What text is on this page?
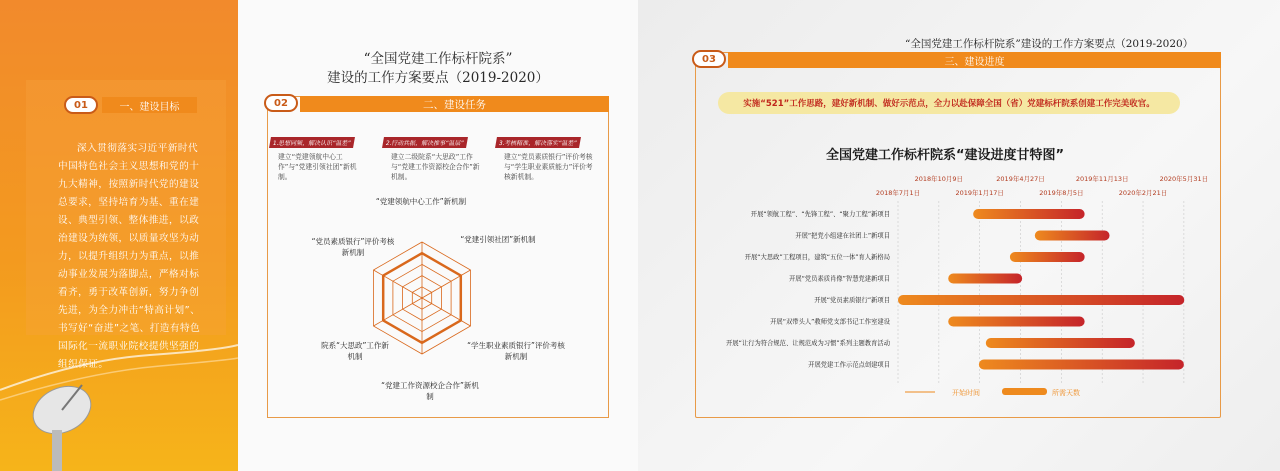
01	一、建设目标
深入贯彻落实习近平新时代中国特色社会主义思想和党的十九大精神，按照新时代党的建设总要求，坚持培育为基、重在建设、典型引领、整体推进，以政治建设为统领，以质量攻坚为动力，以提升组织力为重点，以推动事业发展为落脚点，严格对标看齐，勇于改革创新，努力争创先进，为全力冲击“特高计划”、书写好“奋进”之笔、打造有特色国际化一流职业院校提供坚强的组织保证。
“全国党建工作标杆院系”
建设的工作方案要点（2019-2020）
二、建设任务
02
1.思想同频，解决认识“温差”
建立“党建领航中心工作”与“党建引领社团”新机制。
2.行动共振，解决推事“温层”
建立二级院系“大思政”工作与“党建工作资源校企合作”新机制。
3.考核精准，解决落实“温差”
建立“党员素质银行”评价考核与“学生职业素质能力”评价考核新机制。
“党建领航中心工作”新机制
“党建引领社团”新机制
“学生职业素质银行”评价考核新机制
“党建工作资源校企合作”新机制
院系“大思政”工作新机制
“党员素质银行”评价考核新机制
“全国党建工作标杆院系”建设的工作方案要点（2019-2020）
三、建设进度
03
实施“521”工作思路，建好新机制、做好示范点，全力以赴保障全国（省）党建标杆院系创建工作完美收官。
全国党建工作标杆院系“建设进度甘特图”
2018年10月9日	2019年4月27日	2019年11月13日	2020年5月31日
2018年7月1日	2019年1月17日	2019年8月5日	2020年2月21日
开展“领航工程”、“先锋工程”、“聚力工程”新项目
开展“把党小组建在社团上”新项目
开展“大思政”工程项目，建筑“五位一体”育人新格局
开展“党员素质肖像”智慧党建新项目
开展“党员素质银行”新项目
开展“双带头人”教师党支部书记工作室建设
开展“让行为符合规范、让规范成为习惯”系列主题教育活动
开展党建工作示范点创建项目
开始时间	所需天数
